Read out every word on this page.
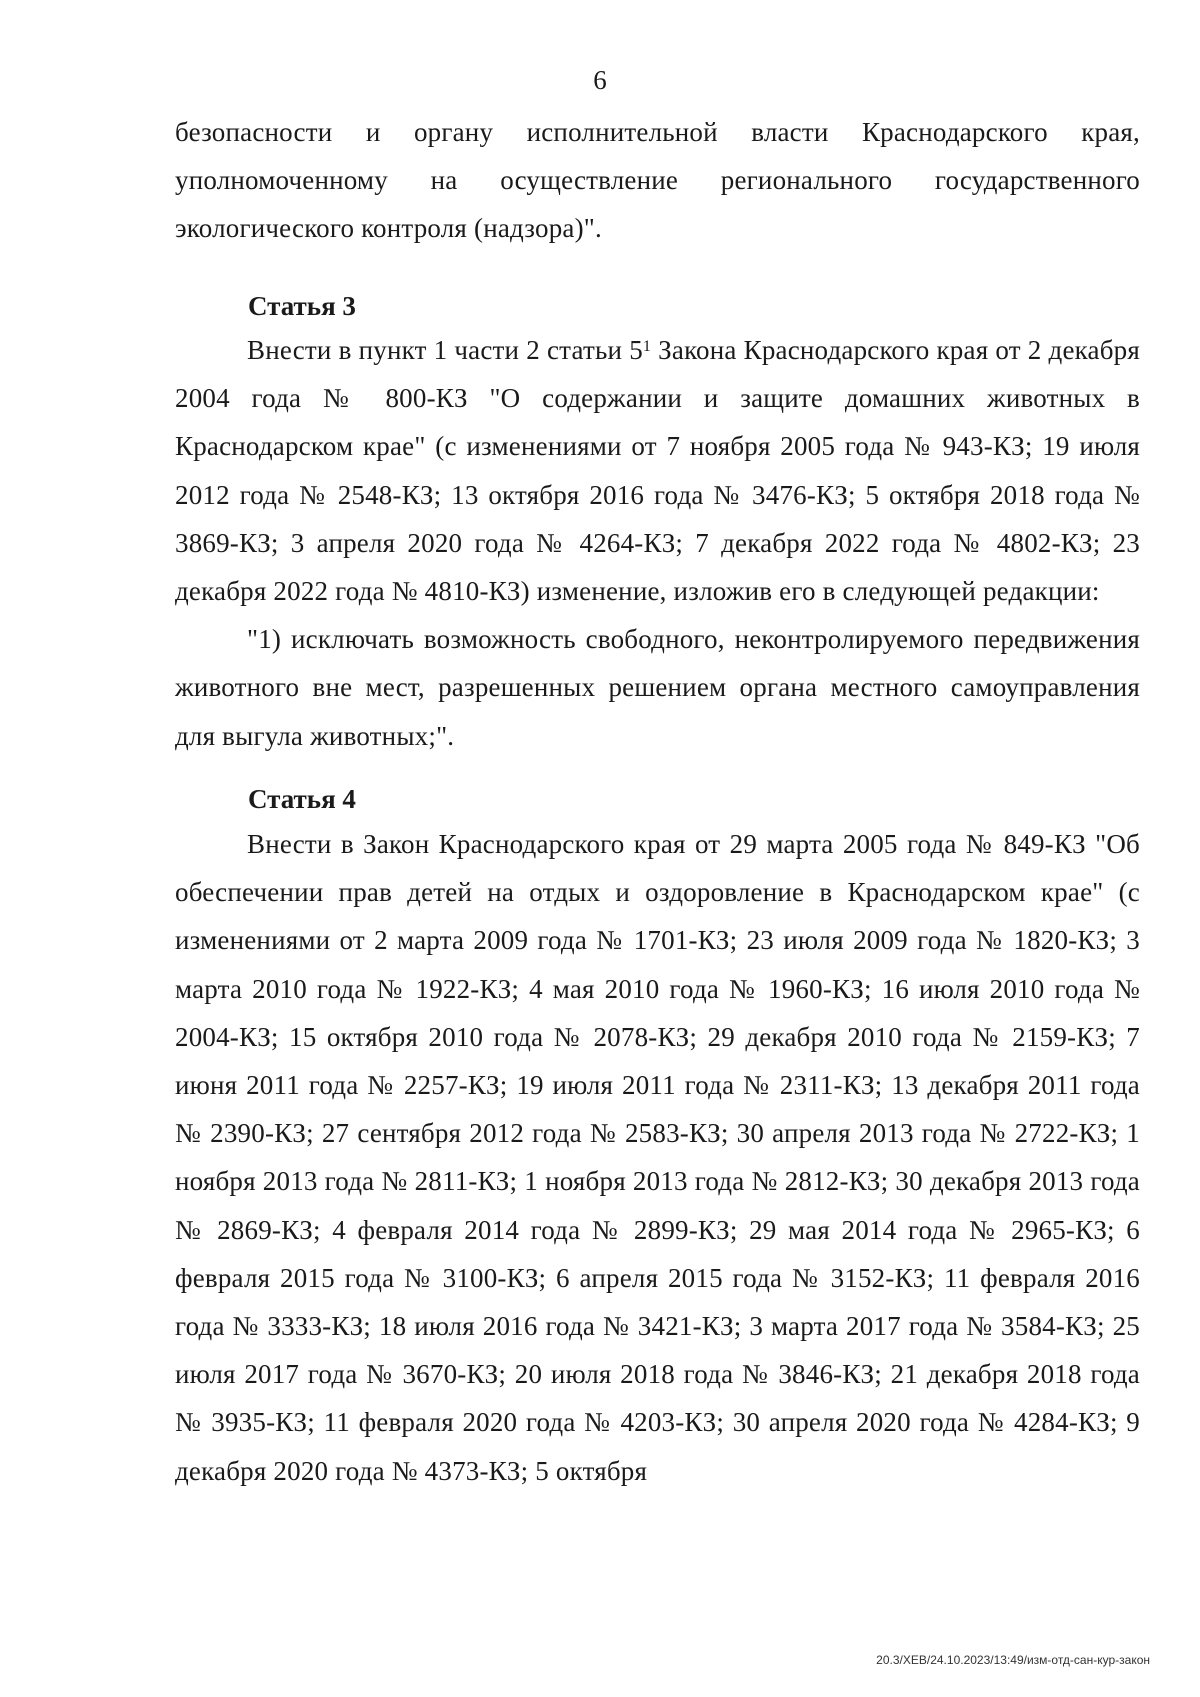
6

безопасности и органу исполнительной власти Краснодарского края, уполномоченному на осуществление регионального государственного экологического контроля (надзора)".

Статья 3

Внести в пункт 1 части 2 статьи $5^1$ Закона Краснодарского края от 2 декабря 2004 года № 800-КЗ "О содержании и защите домашних животных в Краснодарском крае" (с изменениями от 7 ноября 2005 года № 943-КЗ; 19 июля 2012 года № 2548-КЗ; 13 октября 2016 года № 3476-КЗ; 5 октября 2018 года № 3869-КЗ; 3 апреля 2020 года № 4264-КЗ; 7 декабря 2022 года № 4802-КЗ; 23 декабря 2022 года № 4810-КЗ) изменение, изложив его в следующей редакции:

"1) исключать возможность свободного, неконтролируемого передвижения животного вне мест, разрешенных решением органа местного самоуправления для выгула животных;".

Статья 4

Внести в Закон Краснодарского края от 29 марта 2005 года № 849-КЗ "Об обеспечении прав детей на отдых и оздоровление в Краснодарском крае" (с изменениями от 2 марта 2009 года № 1701-КЗ; 23 июля 2009 года № 1820-КЗ; 3 марта 2010 года № 1922-КЗ; 4 мая 2010 года № 1960-КЗ; 16 июля 2010 года № 2004-КЗ; 15 октября 2010 года № 2078-КЗ; 29 декабря 2010 года № 2159-КЗ; 7 июня 2011 года № 2257-КЗ; 19 июля 2011 года № 2311-КЗ; 13 декабря 2011 года № 2390-КЗ; 27 сентября 2012 года № 2583-КЗ; 30 апреля 2013 года № 2722-КЗ; 1 ноября 2013 года № 2811-КЗ; 1 ноября 2013 года № 2812-КЗ; 30 декабря 2013 года № 2869-КЗ; 4 февраля 2014 года № 2899-КЗ; 29 мая 2014 года № 2965-КЗ; 6 февраля 2015 года № 3100-КЗ; 6 апреля 2015 года № 3152-КЗ; 11 февраля 2016 года № 3333-КЗ; 18 июля 2016 года № 3421-КЗ; 3 марта 2017 года № 3584-КЗ; 25 июля 2017 года № 3670-КЗ; 20 июля 2018 года № 3846-КЗ; 21 декабря 2018 года № 3935-КЗ; 11 февраля 2020 года № 4203-КЗ; 30 апреля 2020 года № 4284-КЗ; 9 декабря 2020 года № 4373-КЗ; 5 октября

20.3/ХЕВ/24.10.2023/13:49/изм-отд-сан-кур-закон
